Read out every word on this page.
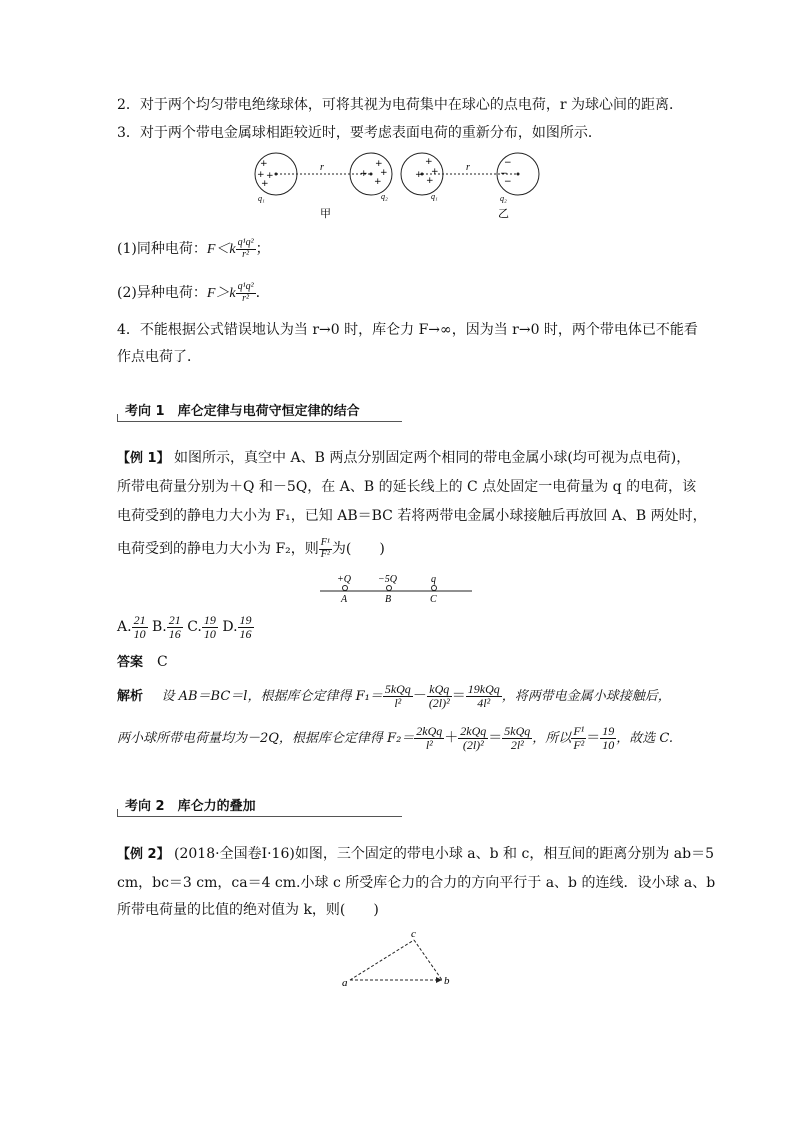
2．对于两个均匀带电绝缘球体，可将其视为电荷集中在球心的点电荷，r 为球心间的距离．
3．对于两个带电金属球相距较近时，要考虑表面电荷的重新分布，如图所示．
+
+
+
+
+
+
+
+
r
q₁	q₂
甲
+
+
+
+
−
−
−
r
q₁	q₂
乙
(1)同种电荷：$F<k \frac{\text{q¹q²}}{\text{r²}}$ ；
(2)异种电荷：$F>k \frac{\text{q¹q²}}{\text{r²}}$ .
4．不能根据公式错误地认为当 r→0 时，库仑力 F→∞，因为当 r→0 时，两个带电体已不能看
作点电荷了．
考向 1　库仑定律与电荷守恒定律的结合
【例 1】 如图所示，真空中 A、B 两点分别固定两个相同的带电金属小球(均可视为点电荷)，
所带电荷量分别为＋Q 和－5Q，在 A、B 的延长线上的 C 点处固定一电荷量为 q 的电荷，该
电荷受到的静电力大小为 F₁，已知 AB＝BC 若将两带电金属小球接触后再放回 A、B 两处时，
电荷受到的静电力大小为 F₂，则 $\frac{\text{F¹}}{\text{F²}}$ 为(　　)
+Q	−5Q	q
A	B	C
A. $\frac{21}{10} B$. $\frac{21}{16} C$. $\frac{19}{10} D$. $\frac{19}{16}$
答案　 C
解析　 设 AB＝BC＝l，根据库仑定律得 $F_1= \frac{\text{5kQq}}{\text{l²}} - \frac{\text{kQq}}{\text{(2l)²}} = \frac{\text{19kQq}}{\text{4l²}}$ ，将两带电金属小球接触后，
两小球所带电荷量均为－2Q，根据库仑定律得 $F_2= \frac{\text{2kQq}}{\text{l²}} + \frac{\text{2kQq}}{\text{(2l)²}} = \frac{\text{5kQq}}{\text{2l²}}$ ，所以 $\frac{\text{F¹}}{\text{F²}} = \frac{19}{10}$ ，故选 C.
考向 2　库仑力的叠加
【例 2】 (2018·全国卷Ⅰ·16)如图，三个固定的带电小球 a、b 和 c，相互间的距离分别为 ab＝5
cm，bc＝3 cm，ca＝4 cm.小球 c 所受库仑力的合力的方向平行于 a、b 的连线．设小球 a、b
所带电荷量的比值的绝对值为 k，则(　　)
a	b
c
